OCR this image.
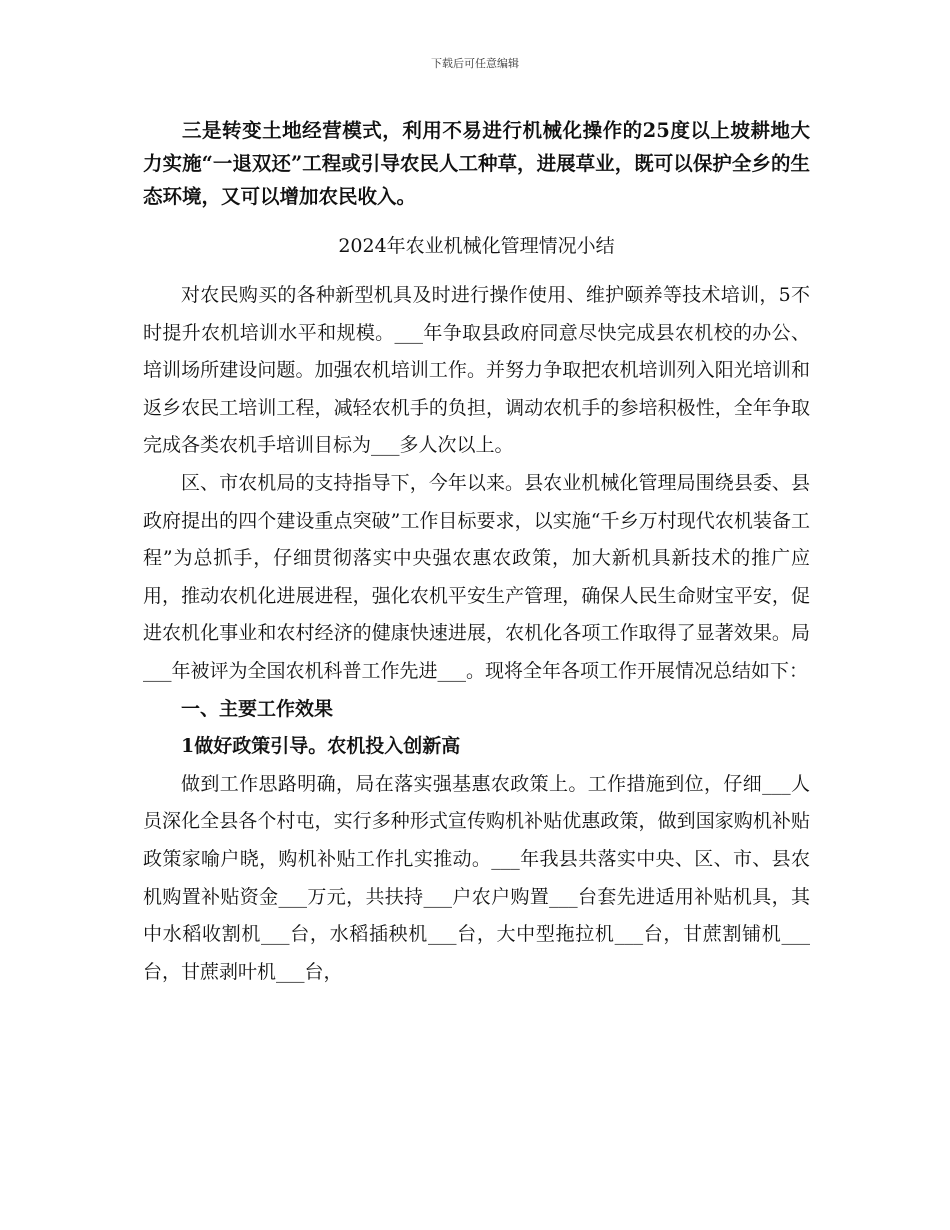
下载后可任意编辑

三是转变土地经营模式，利用不易进行机械化操作的25度以上坡耕地大力实施“一退双还”工程或引导农民人工种草，进展草业，既可以保护全乡的生态环境，又可以增加农民收入。

2024年农业机械化管理情况小结

对农民购买的各种新型机具及时进行操作使用、维护颐养等技术培训，5不时提升农机培训水平和规模。___年争取县政府同意尽快完成县农机校的办公、培训场所建设问题。加强农机培训工作。并努力争取把农机培训列入阳光培训和返乡农民工培训工程，减轻农机手的负担，调动农机手的参培积极性，全年争取完成各类农机手培训目标为___多人次以上。

区、市农机局的支持指导下，今年以来。县农业机械化管理局围绕县委、县政府提出的四个建设重点突破”工作目标要求，以实施“千乡万村现代农机装备工程”为总抓手，仔细贯彻落实中央强农惠农政策，加大新机具新技术的推广应用，推动农机化进展进程，强化农机平安生产管理，确保人民生命财宝平安，促进农机化事业和农村经济的健康快速进展，农机化各项工作取得了显著效果。局___年被评为全国农机科普工作先进___。现将全年各项工作开展情况总结如下：

一、主要工作效果

1做好政策引导。农机投入创新高

做到工作思路明确，局在落实强基惠农政策上。工作措施到位，仔细___人员深化全县各个村屯，实行多种形式宣传购机补贴优惠政策，做到国家购机补贴政策家喻户晓，购机补贴工作扎实推动。___年我县共落实中央、区、市、县农机购置补贴资金___万元，共扶持___户农户购置___台套先进适用补贴机具，其中水稻收割机___台，水稻插秧机___台，大中型拖拉机___台，甘蔗割铺机___台，甘蔗剥叶机___台，
